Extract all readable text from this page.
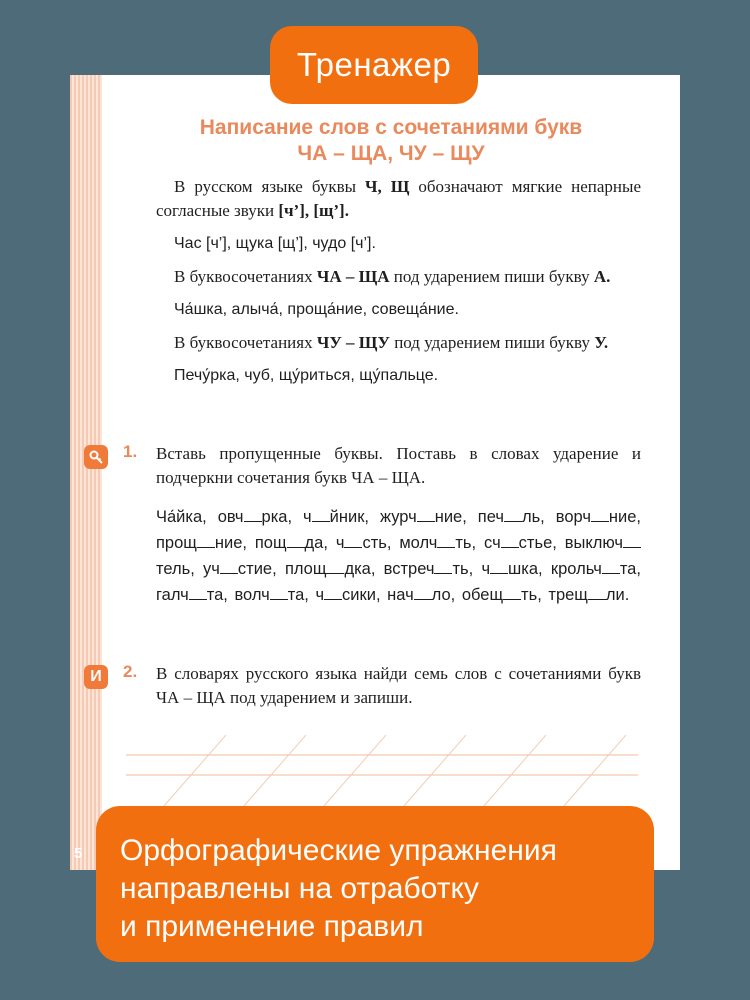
5
Написание слов с сочетаниями букв
ЧА – ЩА, ЧУ – ЩУ

В русском языке буквы Ч, Щ обозначают мягкие непарные согласные звуки [ч’], [щ’].

Час [ч’], щука [щ’], чудо [ч’].

В буквосочетаниях ЧА – ЩА под ударением пиши букву А.

Ча́шка, алыча́, проща́ние, совеща́ние.

В буквосочетаниях ЧУ – ЩУ под ударением пиши букву У.

Печу́рка, чуб, щу́риться, щу́пальце.

1. Вставь пропущенные буквы. Поставь в словах ударение и подчеркни сочетания букв ЧА – ЩА.

Ча́йка, овч рка, ч йник, журч ние, печ ль, ворч ние, прощ ние, пощ да, ч сть, молч ть, сч стье, выключтель, уч стие, площ дка, встреч ть, ч шка, крольч та, галч та, волч та, ч сики, нач ло, обещ ть, трещ ли.

И	2. В словарях русского языка найди семь слов с сочетаниями букв ЧА – ЩА под ударением и запиши.

Тренажер
Орфографические упражнения
направлены на отработку
и применение правил
